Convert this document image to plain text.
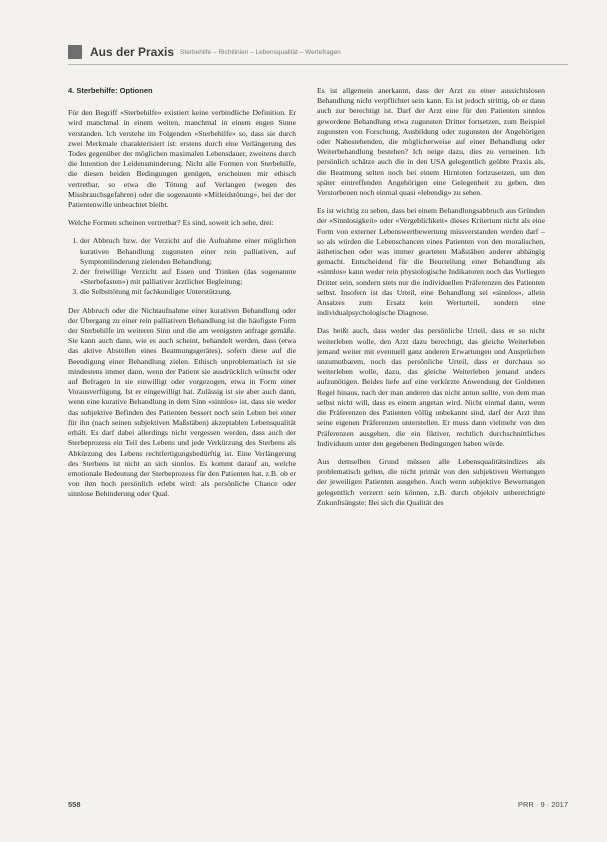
Aus der Praxis Sterbehilfe – Richtlinien – Lebensqualität – Wertefragen
4. Sterbehilfe: Optionen

Für den Begriff «Sterbehilfe» existiert keine verbindliche Definition. Er wird manchmal in einem weiten, manchmal in einem engen Sinne verstanden. Ich verstehe im Folgenden «Sterbehilfe» so, dass sie durch zwei Merkmale charakterisiert ist: erstens durch eine Verlängerung des Todes gegenüber der möglichen maximalen Lebensdauer, zweitens durch die Intention der Leidensminderung. Nicht alle Formen von Sterbehilfe, die diesen beiden Bedingungen genügen, erscheinen mir ethisch vertretbar, so etwa die Tötung auf Verlangen (wegen des Missbrauchsgefahren) oder die sogenannte «Mitleidstötung», bei der der Patientenwille unbeachtet bleibt.

Welche Formen scheinen vertretbar? Es sind, soweit ich sehe, drei:

1. der Abbruch bzw. der Verzicht auf die Aufnahme einer möglichen kurativen Behandlung zugunsten einer rein palliativen, auf Symptomlinderung zielenden Behandlung;
2. der freiwillige Verzicht auf Essen und Trinken (das sogenannte «Sterbefasten») mit palliativer ärztlicher Begleitung;
3. die Selbsttötung mit fachkundiger Unterstützung.

Der Abbruch oder die Nichtaufnahme einer kurativen Behandlung oder der Übergang zu einer rein palliativen Behandlung ist die häufigste Form der Sterbehilfe im weiteren Sinn und die am wenigsten anfrage gemäße. Sie kann auch dann, wie es auch scheint, behandelt werden, dass (etwa das aktive Abstellen eines Beatmungsgerätes), sofern diese auf die Beendigung einer Behandlung zielen. Ethisch unproblematisch ist sie mindestens immer dann, wenn der Patient sie ausdrücklich wünscht oder auf Befragen in sie einwilligt oder vorgezogen, etwa in Form einer Vorausverfügung. Ist er eingewilligt hat. Zulässig ist sie aber auch dann, wenn eine kurative Behandlung in dem Sinn «sinnlos» ist, dass sie weder das subjektive Befinden des Patienten bessert noch sein Leben bei einer für ihn (nach seinen subjektiven Maßstäben) akzeptablen Lebensqualität erhält. Es darf dabei allerdings nicht vergessen werden, dass auch der Sterbeprozess ein Teil des Lebens und jede Verkürzung des Sterbens als Abkürzung des Lebens rechtfertigungsbedürftig ist. Eine Verlängerung des Sterbens ist nicht an sich sinnlos. Es kommt darauf an, welche emotionale Bedeutung der Sterbeprozess für den Patienten hat, z.B. ob er von ihm hoch persönlich erlebt wird: als persönliche Chance oder sinnlose Behinderung oder Qual.

Es ist allgemein anerkannt, dass der Arzt zu einer aussichtslosen Behandlung nicht verpflichtet sein kann. Es ist jedoch strittig, ob er dann auch zur berechtigt ist. Darf der Arzt eine für den Patienten sinnlos gewordene Behandlung etwa zugunsten Dritter fortsetzen, zum Beispiel zugunsten von Forschung, Ausbildung oder zugunsten der Angehörigen oder Nahestehenden, die möglicherweise auf einer Behandlung oder Weiterbehandlung bestehen? Ich neige dazu, dies zu verneinen. Ich persönlich schätze auch die in den USA gelegentlich geübte Praxis als, die Beatmung selten noch bei einem Hirntoten fortzusetzen, um den später eintreffenden Angehörigen eine Gelegenheit zu geben, den Verstorbenen noch einmal quasi «lebendig» zu sehen.

Es ist wichtig zu sehen, dass bei einem Behandlungsabbruch aus Gründen der «Sinnlosigkeit» oder «Vergeblichkeit» dieses Kriterium nicht als eine Form von externer Lebenswertbewertung missverstanden werden darf – so als würden die Lebenschancen eines Patienten von den moralischen, ästhetischen oder was immer gearteten Maßstäben anderer abhängig gemacht. Entscheidend für die Beurteilung einer Behandlung als «sinnlos» kann weder rein physiologische Indikatoren noch das Vorliegen Dritter sein, sondern stets nur die individuellen Präferenzen des Patienten selbst. Insofern ist das Urteil, eine Behandlung sei «sinnlos», allein Ansatzes zum Ersatz kein Werturteil, sondern eine individualpsychologische Diagnose.

Das heißt auch, dass weder das persönliche Urteil, dass er so nicht weiterleben wolle, den Arzt dazu berechtigt, das gleiche Weiterleben jemand weiter mit eventuell ganz anderen Erwartungen und Ansprüchen unzumutbarem, noch das persönliche Urteil, dass er durchaus so weiterleben wolle, dazu, das gleiche Weiterleben jemand anders aufzunötigen. Beides liefe auf eine verkürzte Anwendung der Goldenen Regel hinaus, nach der man anderen das nicht antun sollte, von dem man selbst nicht will, dass es einem angetan wird. Nicht einmal dann, wenn die Präferenzen des Patienten völlig unbekannt sind, darf der Arzt ihm seine eigenen Präferenzen unterstellen. Er muss dann vielmehr von den Präferenzen ausgehen, die ein fiktiver, rechtlich durchschnittliches Individuum unter den gegebenen Bedingungen haben würde.

Aus demselben Grund müssen alle Lebensqualitätsindizes als problematisch gelten, die nicht primär von den subjektiven Wertungen der jeweiligen Patienten ausgehen. Auch wenn subjektive Bewertungen gelegentlich verzerrt sein können, z.B. durch objektiv unberechtigte Zukunftsängste: Bei sich die Qualität des

558	PRR · 9 · 2017
